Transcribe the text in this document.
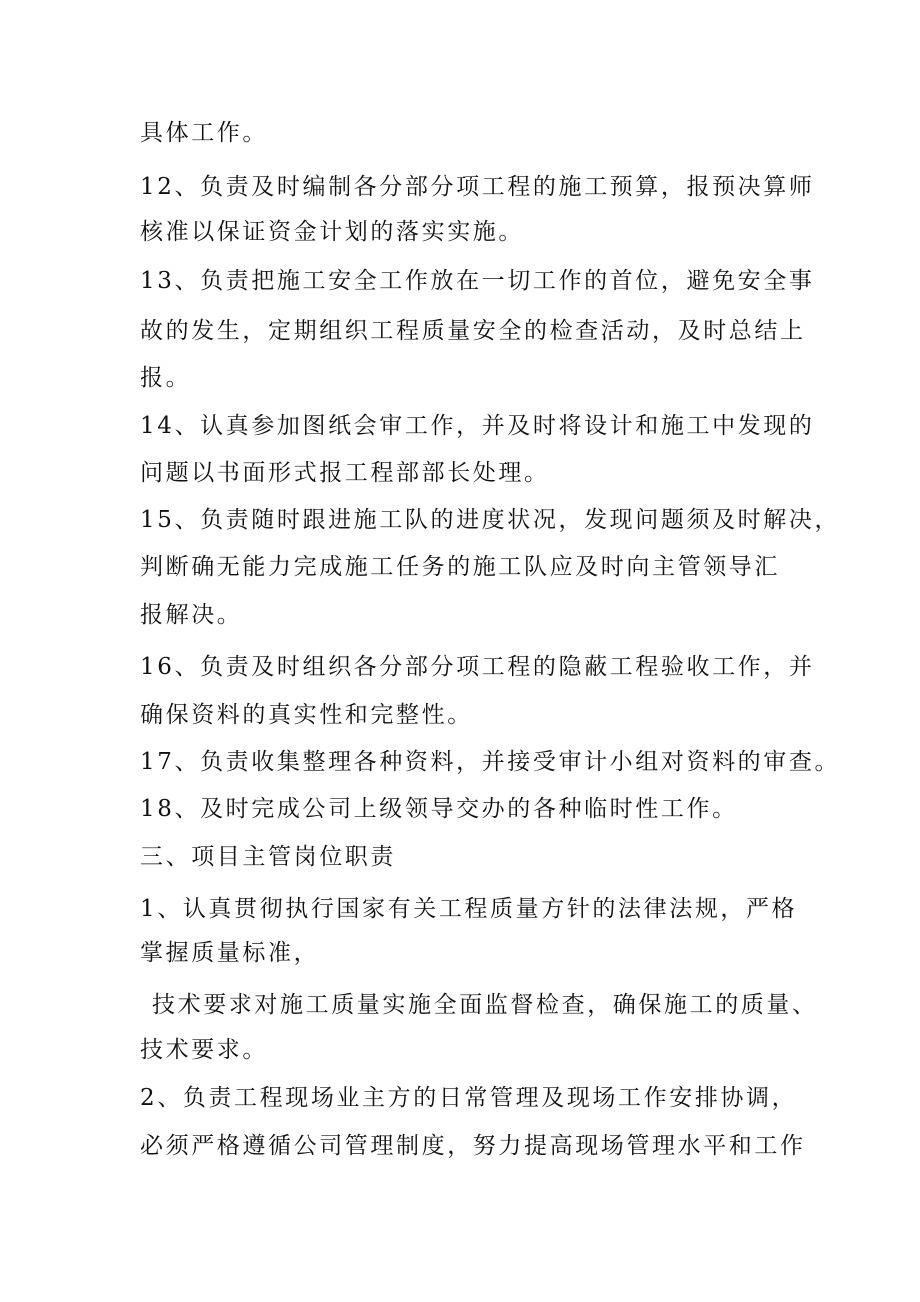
具体工作。
12、负责及时编制各分部分项工程的施工预算，报预决算师
核准以保证资金计划的落实实施。
13、负责把施工安全工作放在一切工作的首位，避免安全事
故的发生，定期组织工程质量安全的检查活动，及时总结上
报。
14、认真参加图纸会审工作，并及时将设计和施工中发现的
问题以书面形式报工程部部长处理。
15、负责随时跟进施工队的进度状况，发现问题须及时解决，
判断确无能力完成施工任务的施工队应及时向主管领导汇
报解决。
16、负责及时组织各分部分项工程的隐蔽工程验收工作，并
确保资料的真实性和完整性。
17、负责收集整理各种资料，并接受审计小组对资料的审查。
18、及时完成公司上级领导交办的各种临时性工作。
三、项目主管岗位职责
1、认真贯彻执行国家有关工程质量方针的法律法规，严格
掌握质量标准，
技术要求对施工质量实施全面监督检查，确保施工的质量、
技术要求。
2、负责工程现场业主方的日常管理及现场工作安排协调，
必须严格遵循公司管理制度，努力提高现场管理水平和工作
